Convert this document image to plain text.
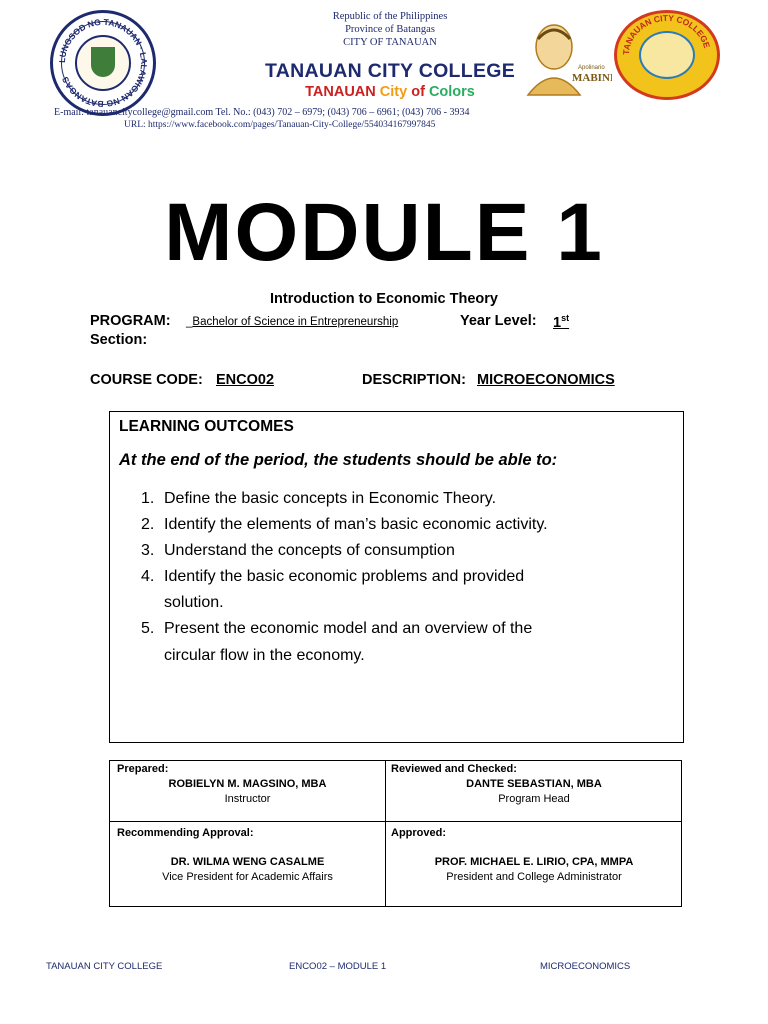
LUNGSOD NG TANAUAN · LALAWIGAN NG BATANGAS
Republic of the Philippines
Province of Batangas
CITY OF TANAUAN
TANAUAN CITY COLLEGE
TANAUAN City of Colors
E-mail: tanauancitycollege@gmail.com Tel. No.: (043) 702 – 6979; (043) 706 – 6961; (043) 706 - 3934
URL: https://www.facebook.com/pages/Tanauan-City-College/554034167997845
Apolinario
MABINI
TANAUAN CITY COLLEGE
MODULE 1
Introduction to Economic Theory
PROGRAM: _Bachelor of Science in Entrepreneurship	Year Level: 1st
Section:
COURSE CODE: ENCO02	DESCRIPTION: MICROECONOMICS
LEARNING OUTCOMES
At the end of the period, the students should be able to:
1. Define the basic concepts in Economic Theory.
2. Identify the elements of man’s basic economic activity.
3. Understand the concepts of consumption
4. Identify the basic economic problems and provided
solution.
5. Present the economic model and an overview of the
circular flow in the economy.
Prepared:
ROBIELYN M. MAGSINO, MBA
Instructor
Reviewed and Checked:
DANTE SEBASTIAN, MBA
Program Head
Recommending Approval:
DR. WILMA WENG CASALME
Vice President for Academic Affairs
Approved:
PROF. MICHAEL E. LIRIO, CPA, MMPA
President and College Administrator
TANAUAN CITY COLLEGE	ENCO02 – MODULE 1	MICROECONOMICS
